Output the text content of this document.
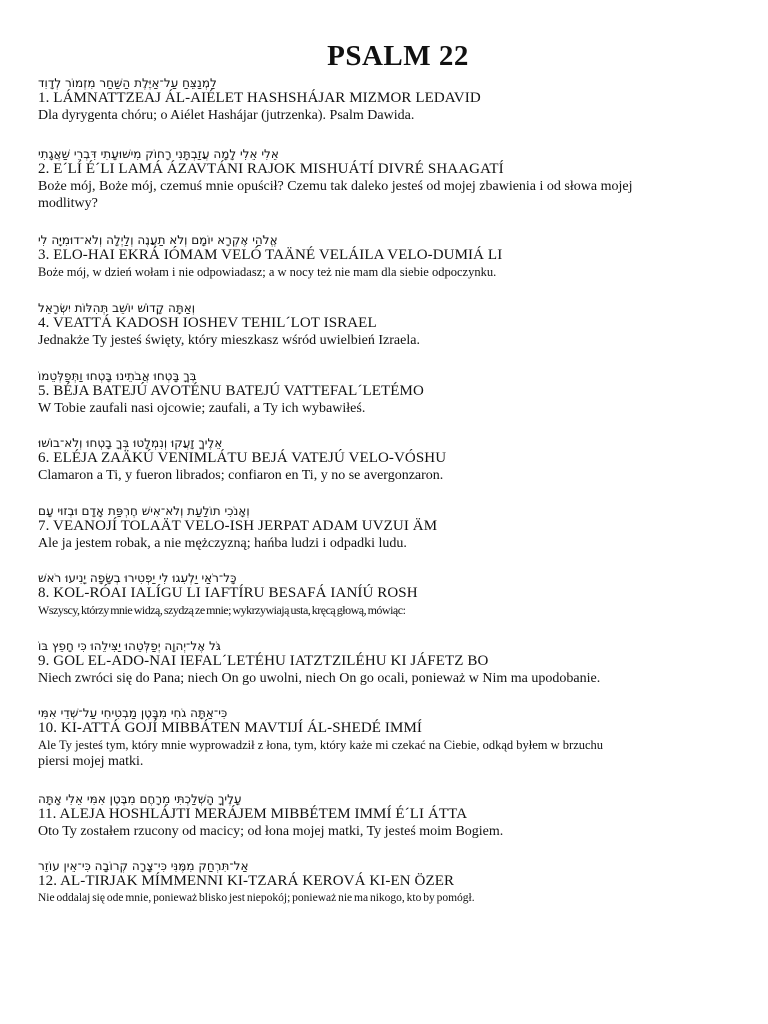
PSALM 22
לַמְנַצֵּחַ עַל־אַיֶּלֶת הַשַּׁחַר מִזְמוֹר לְדָוִד
1. LÁMNATTZEAJ ÁL-AIÉLET HASHSHÁJAR MIZMOR LEDAVID
Dla dyrygenta chóru; o Aiélet Hashájar (jutrzenka). Psalm Dawida.
אֵלִי אֵלִי לָמָה עֲזַבְתָּנִי רָחוֹק מִישׁוּעָתִי דִּבְרֵי שַׁאֲגָתִי
2. E´LÍ É´LI LAMÁ ÁZAVTÁNI RAJOK MISHUÁTÍ DIVRÉ SHAAGATÍ
Boże mój, Boże mój, czemuś mnie opuścił? Czemu tak daleko jesteś od mojej zbawienia i od słowa mojej modlitwy?
אֱלֹהַי אֶקְרָא יוֹמָם וְלֹא תַעֲנֶה וְלַיְלָה וְלֹא־דוּמִיָּה לִי
3. ELO-HAI EKRÁ IÓMAM VELÓ TAÄNÉ VELÁILA VELO-DUMIÁ LI
Boże mój, w dzień wołam i nie odpowiadasz; a w nocy też nie mam dla siebie odpoczynku.
וְאַתָּה קָדוֹשׁ יוֹשֵׁב תְּהִלּוֹת יִשְׂרָאֵל
4. VEATTÁ KADOSH IOSHEV TEHIL´LOT ISRAEL
Jednakże Ty jesteś święty, który mieszkasz wśród uwielbień Izraela.
בְּךָ בָּטְחוּ אֲבֹתֵינוּ בָּטְחוּ וַתְּפַלְּטֵמוֹ
5. BÉJA BATEJÚ AVOTÉNU BATEJÚ VATTEFAL´LETÉMO
W Tobie zaufali nasi ojcowie; zaufali, a Ty ich wybawiłeś.
אֵלֶיךָ זָעֲקוּ וְנִמְלָטוּ בְּךָ בָטְחוּ וְלֹא־בוֹשׁוּ
6. ELÉJA ZAÄKÚ VENIMLÁTU BEJÁ VATEJÚ VELO-VÓSHU
Clamaron a Ti, y fueron librados; confiaron en Ti, y no se avergonzaron.
וְאָנֹכִי תוֹלַעַת וְלֹא־אִישׁ חֶרְפַּת אָדָם וּבְזוּי עָם
7. VEANOJÍ TOLAÄT VELO-ISH JERPAT ADAM UVZUI ÄM
Ale ja jestem robak, a nie mężczyzną; hańba ludzi i odpadki ludu.
כָּל־רֹאַי יַלְעִגוּ לִי יַפְטִירוּ בְשָׂפָה יָנִיעוּ רֹאשׁ
8. KOL-RÓAI IALÍGU LI IAFTÍRU BESAFÁ IANÍÚ ROSH
Wszyscy, którzy mnie widzą, szydzą ze mnie; wykrzywiają usta, kręcą głową, mówiąc:
גֹּל אֶל־יְהוָה יְפַלְּטֵהוּ יַצִּילֵהוּ כִּי חָפֵץ בּוֹ
9. GOL EL-ADO-NAI IEFAL´LETÉHU IATZTZILÉHU KI JÁFETZ BO
Niech zwróci się do Pana; niech On go uwolni, niech On go ocali, ponieważ w Nim ma upodobanie.
כִּי־אַתָּה גֹחִי מִבָּטֶן מַבְטִיחִי עַל־שְׁדֵי אִמִּי
10. KI-ATTÁ GOJÍ MIBBÁTEN MAVTIJÍ ÁL-SHEDÉ IMMÍ
Ale Ty jesteś tym, który mnie wyprowadził z łona, tym, który każe mi czekać na Ciebie, odkąd byłem w brzuchu
piersi mojej matki.
עָלֶיךָ הָשְׁלַכְתִּי מֵרָחֶם מִבֶּטֶן אִמִּי אֵלִי אָתָּה
11. ALEJA HOSHLÁJTI MERÁJEM MIBBÉTEM IMMÍ É´LI ÁTTA
Oto Ty zostałem rzucony od macicy; od łona mojej matki, Ty jesteś moim Bogiem.
אַל־תִּרְחַק מִמֶּנִּי כִּי־צָרָה קְרוֹבָה כִּי־אֵין עוֹזֵר
12. AL-TIRJAK MÍMMENNI KI-TZARÁ KEROVÁ KI-EN ÖZER
Nie oddalaj się ode mnie, ponieważ blisko jest niepokój; ponieważ nie ma nikogo, kto by pomógł.
